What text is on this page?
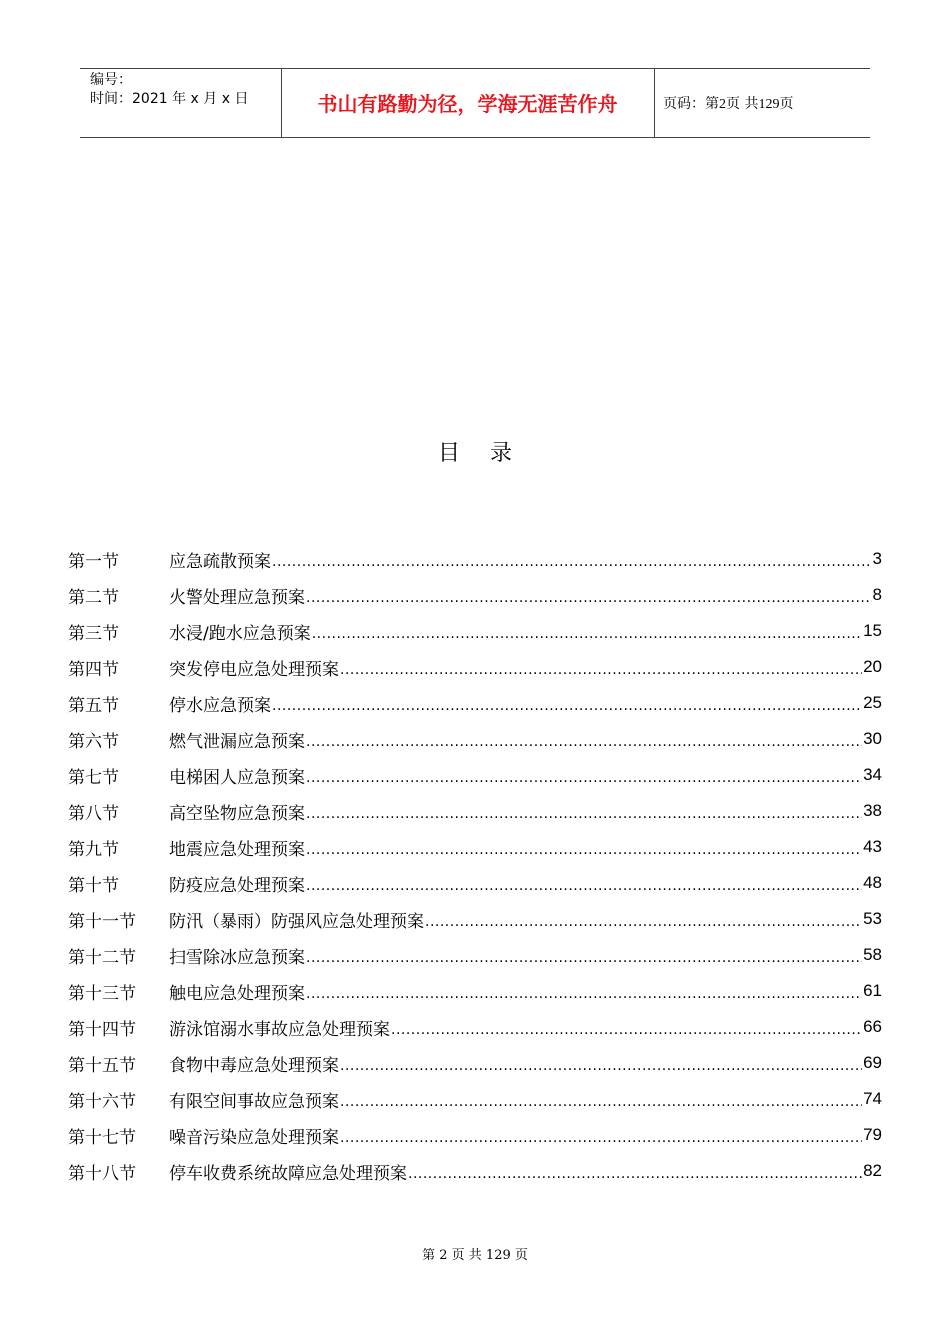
编号：
时间：2021 年 x 月 x 日	书山有路勤为径，学海无涯苦作舟	页码：第2页 共129页
目录
第一节	应急疏散预案 .....	3
第二节	火警处理应急预案 .....	8
第三节	水浸/跑水应急预案 .....	15
第四节	突发停电应急处理预案 .....	20
第五节	停水应急预案 .....	25
第六节	燃气泄漏应急预案 .....	30
第七节	电梯困人应急预案 .....	34
第八节	高空坠物应急预案 .....	38
第九节	地震应急处理预案 .....	43
第十节	防疫应急处理预案 .....	48
第十一节	防汛（暴雨）防强风应急处理预案 .....	53
第十二节	扫雪除冰应急预案 .....	58
第十三节	触电应急处理预案 .....	61
第十四节	游泳馆溺水事故应急处理预案 .....	66
第十五节	食物中毒应急处理预案 .....	69
第十六节	有限空间事故应急预案 .....	74
第十七节	噪音污染应急处理预案 .....	79
第十八节	停车收费系统故障应急处理预案 .....	82
第 2 页 共 129 页
